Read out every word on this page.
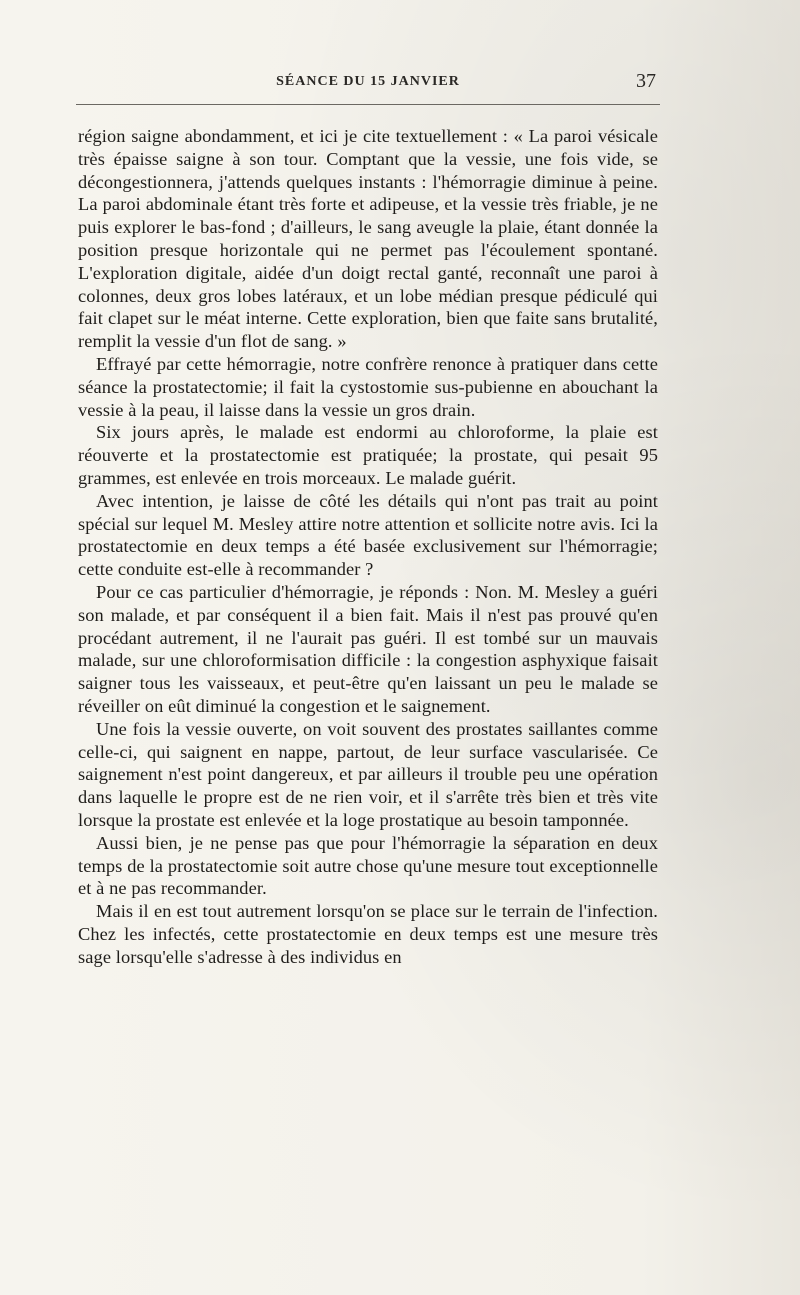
SÉANCE DU 15 JANVIER	37

région saigne abondamment, et ici je cite textuellement : « La paroi vésicale très épaisse saigne à son tour. Comptant que la vessie, une fois vide, se décongestionnera, j'attends quelques instants : l'hémorragie diminue à peine. La paroi abdominale étant très forte et adipeuse, et la vessie très friable, je ne puis explorer le bas-fond ; d'ailleurs, le sang aveugle la plaie, étant donnée la position presque horizontale qui ne permet pas l'écoulement spontané. L'exploration digitale, aidée d'un doigt rectal ganté, reconnaît une paroi à colonnes, deux gros lobes latéraux, et un lobe médian presque pédiculé qui fait clapet sur le méat interne. Cette exploration, bien que faite sans brutalité, remplit la vessie d'un flot de sang. »

Effrayé par cette hémorragie, notre confrère renonce à pratiquer dans cette séance la prostatectomie; il fait la cystostomie sus-pubienne en abouchant la vessie à la peau, il laisse dans la vessie un gros drain.

Six jours après, le malade est endormi au chloroforme, la plaie est réouverte et la prostatectomie est pratiquée; la prostate, qui pesait 95 grammes, est enlevée en trois morceaux. Le malade guérit.

Avec intention, je laisse de côté les détails qui n'ont pas trait au point spécial sur lequel M. Mesley attire notre attention et sollicite notre avis. Ici la prostatectomie en deux temps a été basée exclusivement sur l'hémorragie; cette conduite est-elle à recommander ?

Pour ce cas particulier d'hémorragie, je réponds : Non. M. Mesley a guéri son malade, et par conséquent il a bien fait. Mais il n'est pas prouvé qu'en procédant autrement, il ne l'aurait pas guéri. Il est tombé sur un mauvais malade, sur une chloroformisation difficile : la congestion asphyxique faisait saigner tous les vaisseaux, et peut-être qu'en laissant un peu le malade se réveiller on eût diminué la congestion et le saignement.

Une fois la vessie ouverte, on voit souvent des prostates saillantes comme celle-ci, qui saignent en nappe, partout, de leur surface vascularisée. Ce saignement n'est point dangereux, et par ailleurs il trouble peu une opération dans laquelle le propre est de ne rien voir, et il s'arrête très bien et très vite lorsque la prostate est enlevée et la loge prostatique au besoin tamponnée.

Aussi bien, je ne pense pas que pour l'hémorragie la séparation en deux temps de la prostatectomie soit autre chose qu'une mesure tout exceptionnelle et à ne pas recommander.

Mais il en est tout autrement lorsqu'on se place sur le terrain de l'infection. Chez les infectés, cette prostatectomie en deux temps est une mesure très sage lorsqu'elle s'adresse à des individus en
